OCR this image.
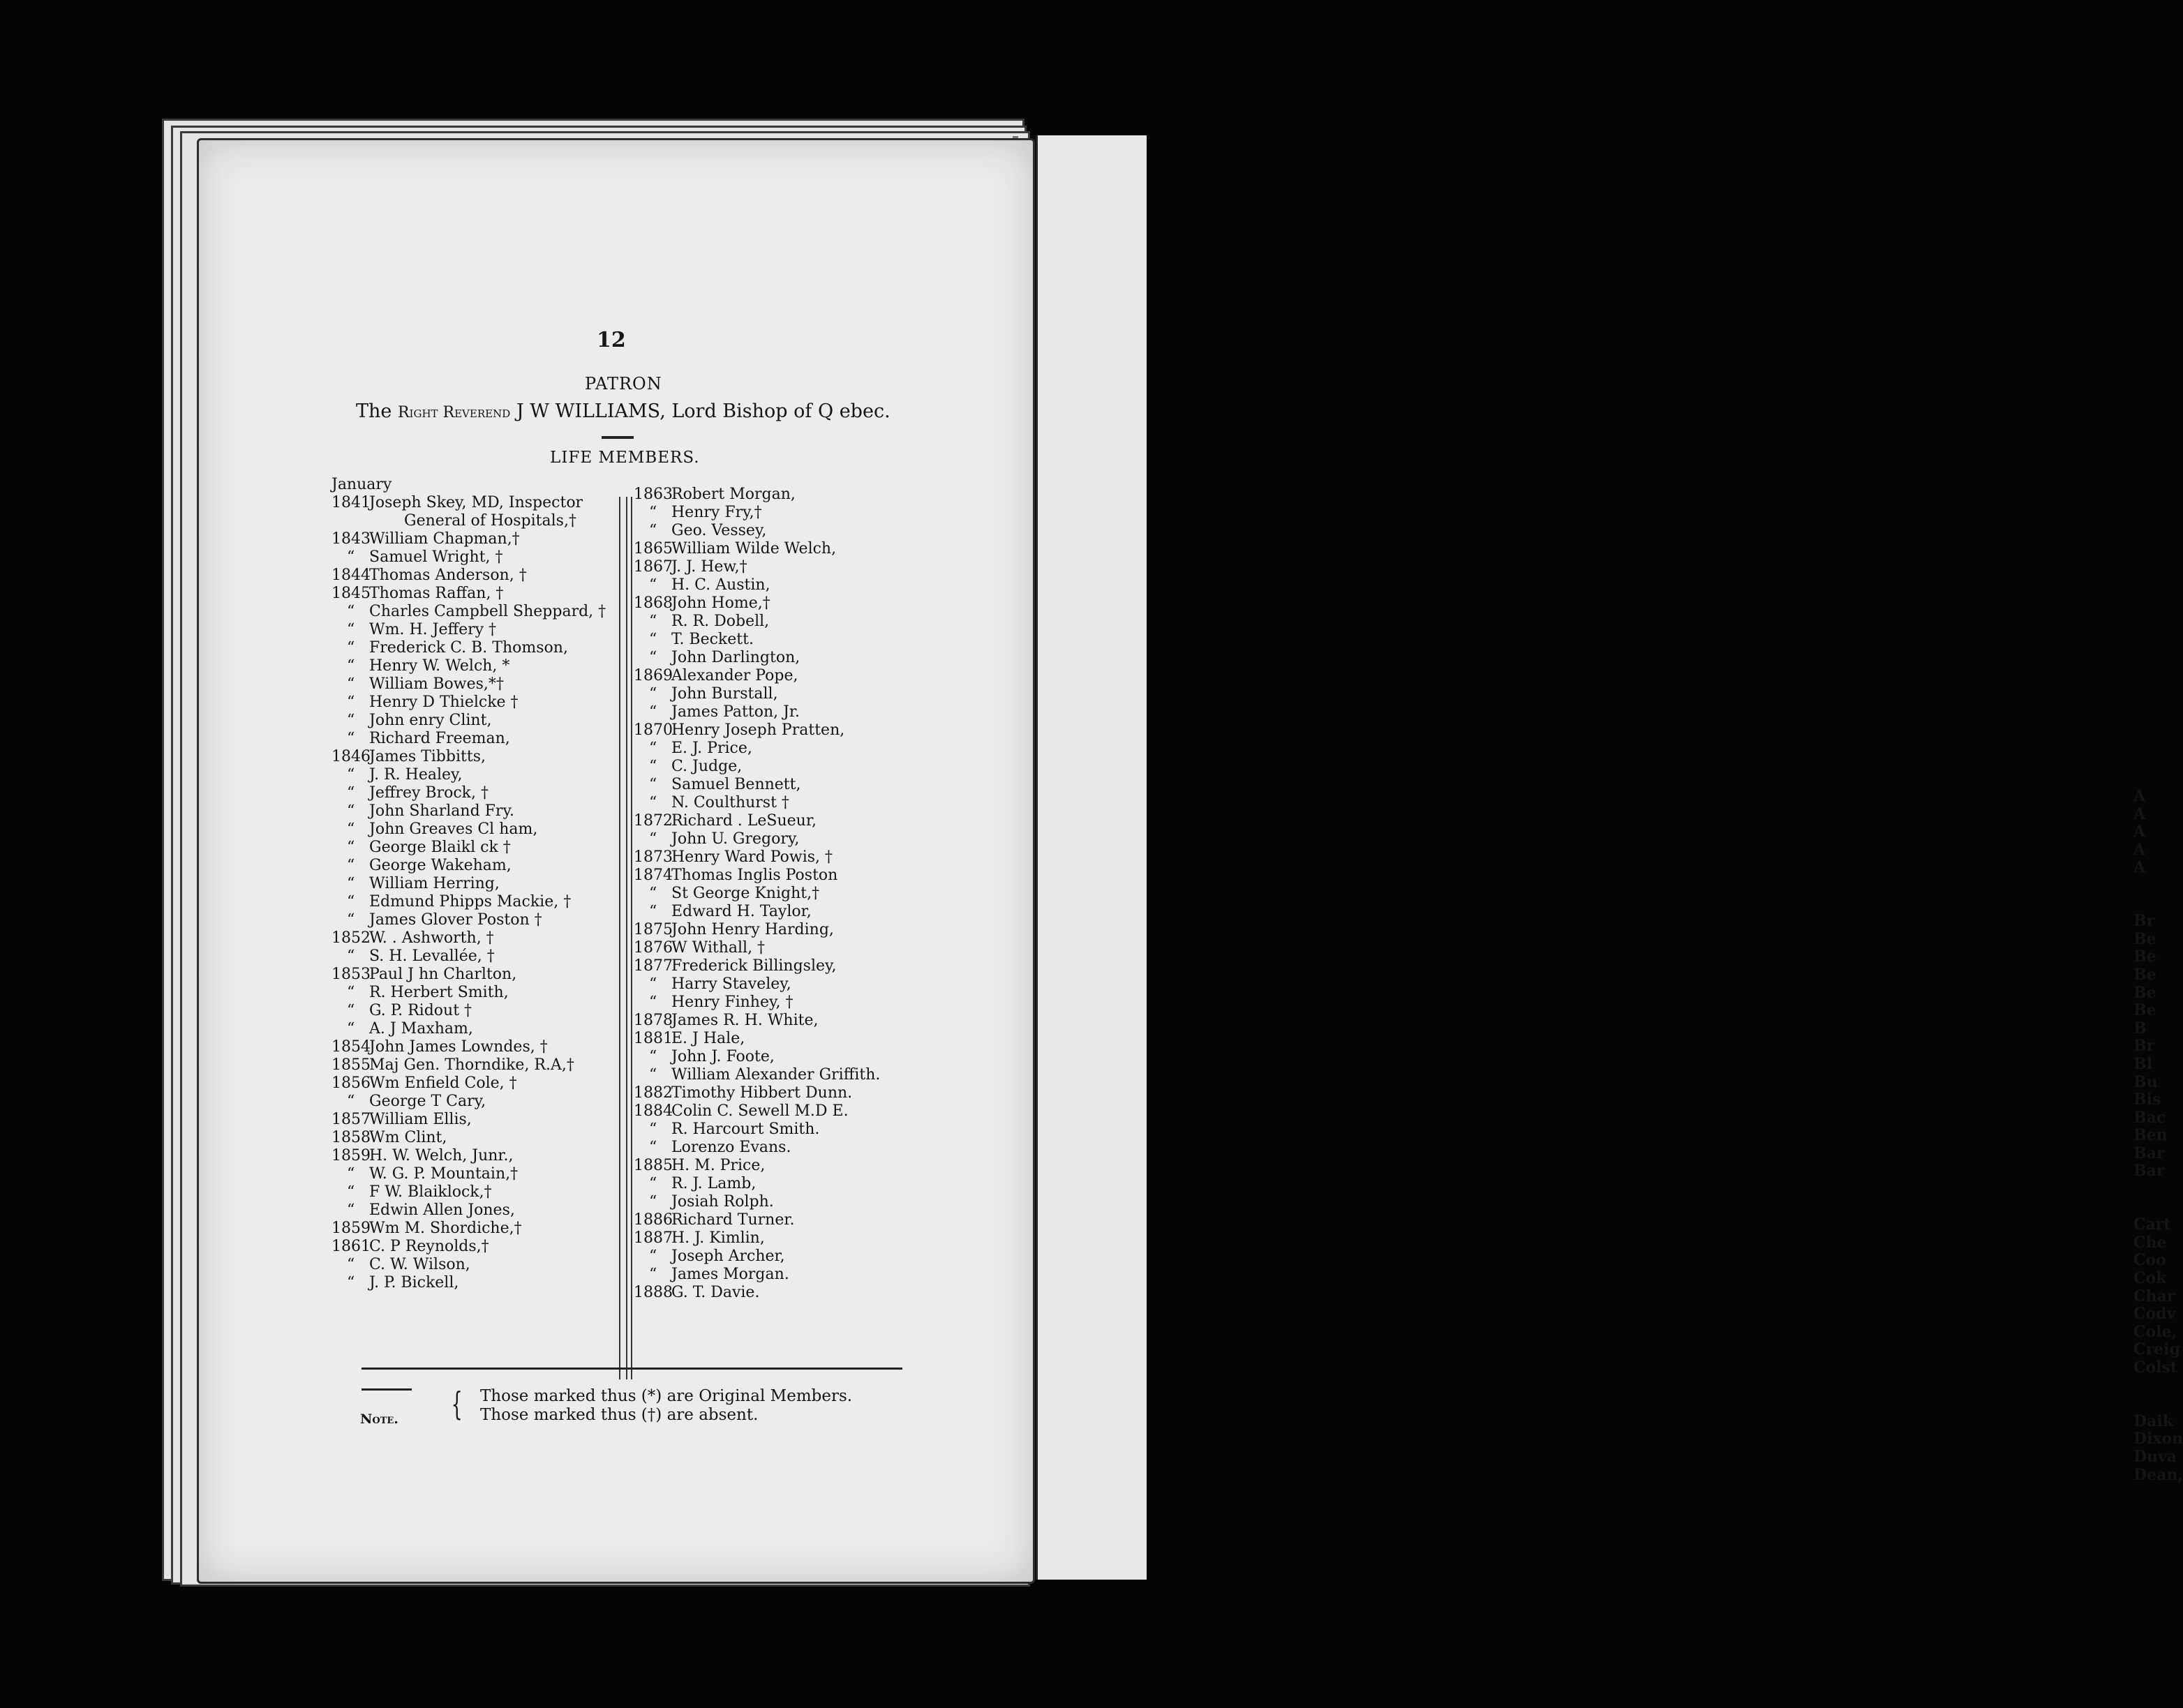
A
A
A
A
A
Br
Be
Be
Be
Be
Be
B
Br
Bl
Bu
Bis
Bac
Ben
Bar
Bar
Cart
Che
Coo
Cok
Char
Codv
Cole,
Creig
Colst
Daik
Dixon
Duva
Dean,
12
PATRON
The Right Reverend J W WILLIAMS, Lord Bishop of Q ebec.
LIFE MEMBERS.
January
1841Joseph Skey, MD, Inspector
General of Hospitals,†
1843William Chapman,†
“ Samuel Wright, †
1844Thomas Anderson, †
1845Thomas Raffan, †
“ Charles Campbell Sheppard, †
“ Wm. H. Jeffery †
“ Frederick C. B. Thomson,
“ Henry W. Welch, *
“ William Bowes,*†
“ Henry D Thielcke †
“ John enry Clint,
“ Richard Freeman,
1846James Tibbitts,
“ J. R. Healey,
“ Jeffrey Brock, †
“ John Sharland Fry.
“ John Greaves Cl ham,
“ George Blaikl ck †
“ George Wakeham,
“ William Herring,
“ Edmund Phipps Mackie, †
“ James Glover Poston †
1852W. . Ashworth, †
“ S. H. Levallée, †
1853Paul J hn Charlton,
“ R. Herbert Smith,
“ G. P. Ridout †
“ A. J Maxham,
1854John James Lowndes, †
1855Maj Gen. Thorndike, R.A,†
1856Wm Enfield Cole, †
“ George T Cary,
1857William Ellis,
1858Wm Clint,
1859H. W. Welch, Junr.,
“ W. G. P. Mountain,†
“ F W. Blaiklock,†
“ Edwin Allen Jones,
1859Wm M. Shordiche,†
1861C. P Reynolds,†
“ C. W. Wilson,
“ J. P. Bickell,
1863Robert Morgan,
“ Henry Fry,†
“ Geo. Vessey,
1865William Wilde Welch,
1867J. J. Hew,†
“ H. C. Austin,
1868John Home,†
“ R. R. Dobell,
“ T. Beckett.
“ John Darlington,
1869Alexander Pope,
“ John Burstall,
“ James Patton, Jr.
1870Henry Joseph Pratten,
“ E. J. Price,
“ C. Judge,
“ Samuel Bennett,
“ N. Coulthurst †
1872Richard . LeSueur,
“ John U. Gregory,
1873Henry Ward Powis, †
1874Thomas Inglis Poston
“ St George Knight,†
“ Edward H. Taylor,
1875John Henry Harding,
1876W Withall, †
1877Frederick Billingsley,
“ Harry Staveley,
“ Henry Finhey, †
1878James R. H. White,
1881E. J Hale,
“ John J. Foote,
“ William Alexander Griffith.
1882Timothy Hibbert Dunn.
1884Colin C. Sewell M.D E.
“ R. Harcourt Smith.
“ Lorenzo Evans.
1885H. M. Price,
“ R. J. Lamb,
“ Josiah Rolph.
1886Richard Turner.
1887H. J. Kimlin,
“ Joseph Archer,
“ James Morgan.
1888G. T. Davie.
Note. { Those marked thus (*) are Original Members.
Those marked thus (†) are absent.
